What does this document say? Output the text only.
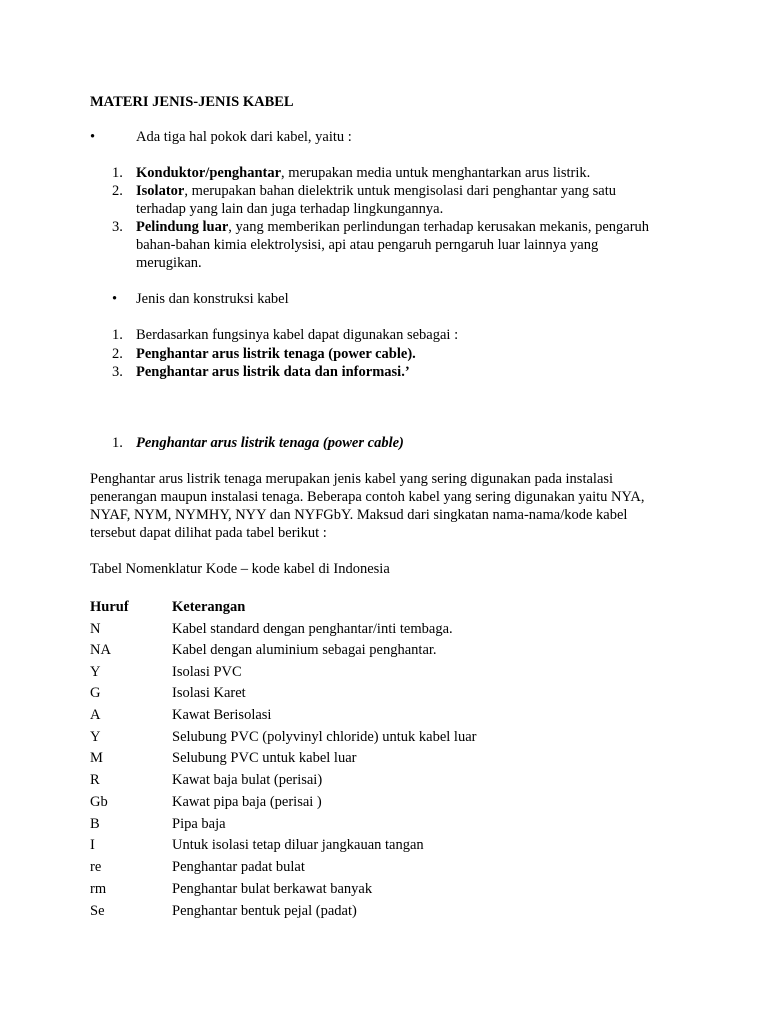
MATERI JENIS-JENIS KABEL
•	Ada tiga hal pokok dari kabel, yaitu :
1. Konduktor/penghantar, merupakan media untuk menghantarkan arus listrik.

2. Isolator, merupakan bahan dielektrik untuk mengisolasi dari penghantar yang satu

terhadap yang lain dan juga terhadap lingkungannya.

3. Pelindung luar, yang memberikan perlindungan terhadap kerusakan mekanis, pengaruh

bahan-bahan kimia elektrolysisi, api atau pengaruh perngaruh luar lainnya yang

merugikan.

• Jenis dan konstruksi kabel
1. Berdasarkan fungsinya kabel dapat digunakan sebagai :
2. Penghantar arus listrik tenaga (power cable).
3. Penghantar arus listrik data dan informasi.’
1. Penghantar arus listrik tenaga (power cable)
Penghantar arus listrik tenaga merupakan jenis kabel yang sering digunakan pada instalasi
penerangan maupun instalasi tenaga. Beberapa contoh kabel yang sering digunakan yaitu NYA,
NYAF, NYM, NYMHY, NYY dan NYFGbY. Maksud dari singkatan nama-nama/kode kabel
tersebut dapat dilihat pada tabel berikut :
Tabel Nomenklatur Kode – kode kabel di Indonesia
Huruf	Keterangan
N	Kabel standard dengan penghantar/inti tembaga.
NA	Kabel dengan aluminium sebagai penghantar.
Y	Isolasi PVC
G	Isolasi Karet
A	Kawat Berisolasi
Y	Selubung PVC (polyvinyl chloride) untuk kabel luar
M	Selubung PVC untuk kabel luar
R	Kawat baja bulat (perisai)
Gb	Kawat pipa baja (perisai )
B	Pipa baja
I	Untuk isolasi tetap diluar jangkauan tangan
re	Penghantar padat bulat
rm	Penghantar bulat berkawat banyak
Se	Penghantar bentuk pejal (padat)
